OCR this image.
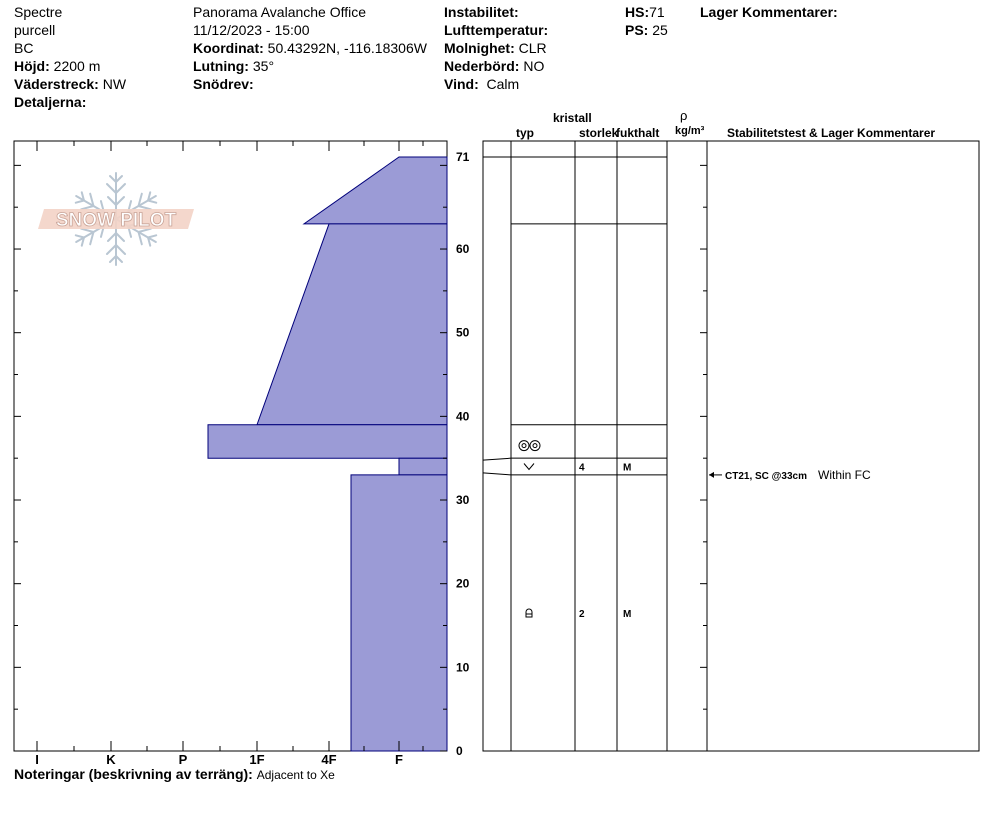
Spectre
purcell
BC
Höjd: 2200 m
Väderstreck: NW
Detaljerna:
Panorama Avalanche Office
11/12/2023 - 15:00
Koordinat: 50.43292N, -116.18306W
Lutning: 35°
Snödrev:
Instabilitet:
Lufttemperatur:
Molnighet: CLR
Nederbörd: NO
Vind: Calm
HS:71
PS: 25
Lager Kommentarer:
SNOW PILOT
kristall
typ	storlek
fukthalt
ρ
kg/m³ Stabilitetstest & Lager Kommentarer
0
10
20
30
40
50
60
71
I	K	P	1F	4F	F
4	M
2	M
CT21, SC @33cm Within FC
Noteringar (beskrivning av terräng): Adjacent to Xe
